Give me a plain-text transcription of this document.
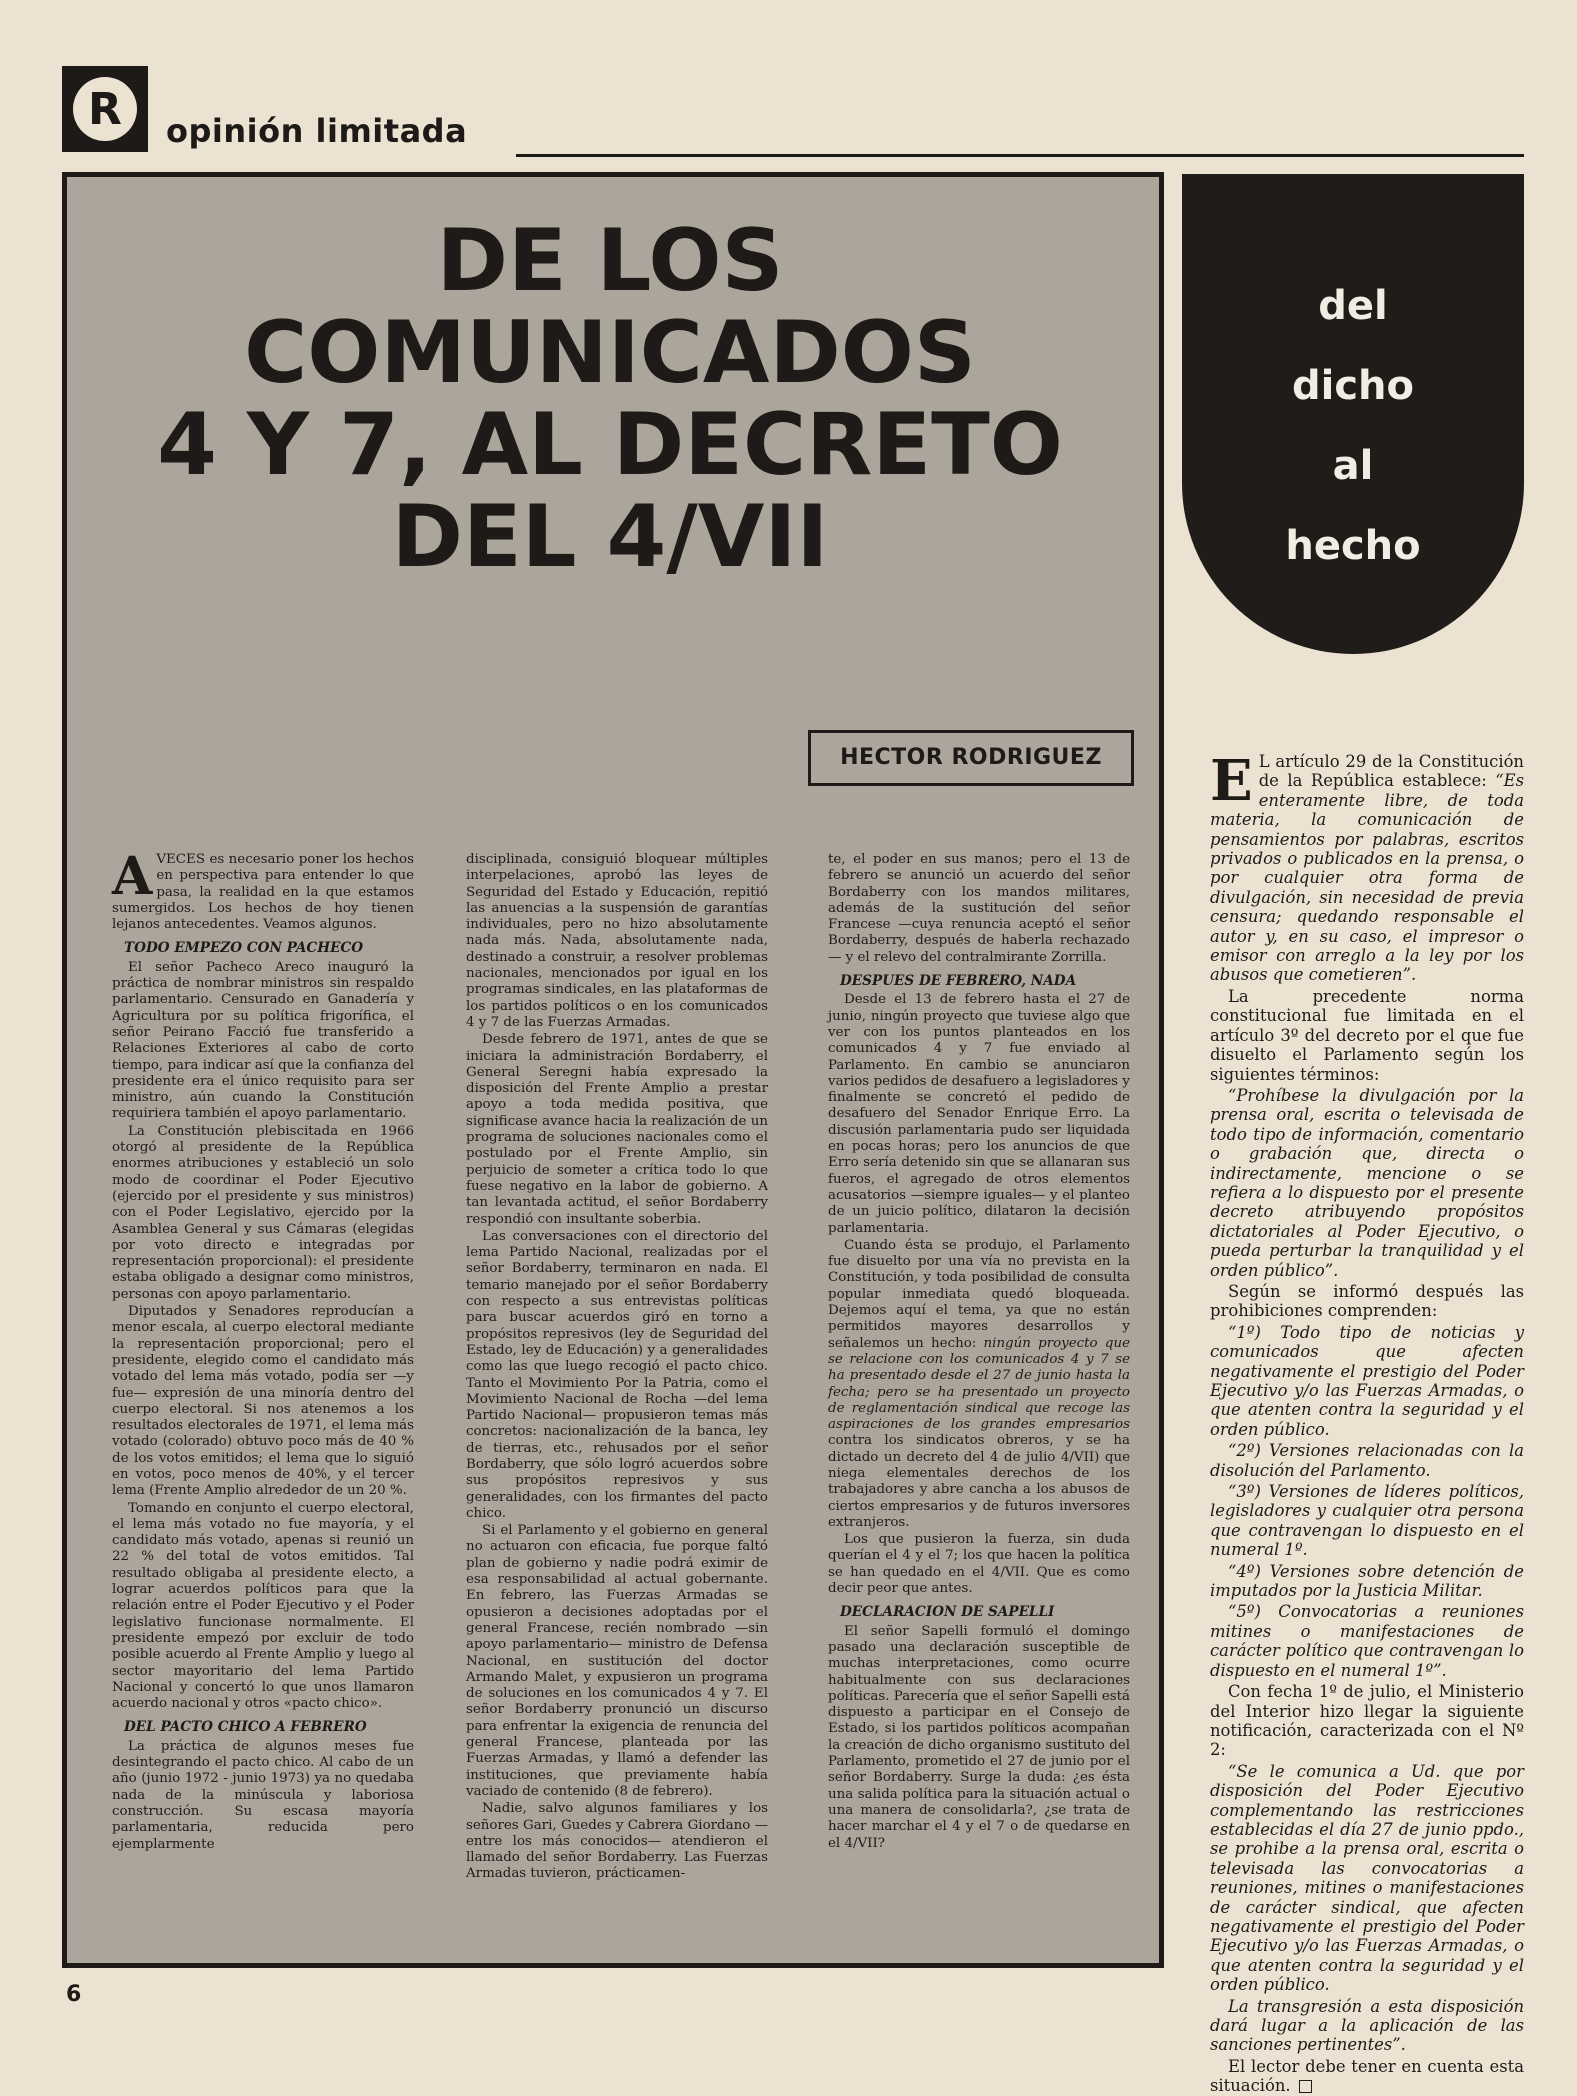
R	opinión limitada
DE LOS
COMUNICADOS
4 Y 7, AL DECRETO
DEL 4/VII
HECTOR RODRIGUEZ

AVECES es necesario poner los hechos en perspectiva para entender lo que pasa, la realidad en la que estamos sumergidos. Los hechos de hoy tienen lejanos antecedentes. Veamos algunos.

TODO EMPEZO CON PACHECO

El señor Pacheco Areco inauguró la práctica de nombrar ministros sin respaldo parlamentario. Censurado en Ganadería y Agricultura por su política frigorífica, el señor Peirano Facció fue transferido a Relaciones Exteriores al cabo de corto tiempo, para indicar así que la confianza del presidente era el único requisito para ser ministro, aún cuando la Constitución requiriera también el apoyo parlamentario.

La Constitución plebiscitada en 1966 otorgó al presidente de la República enormes atribuciones y estableció un solo modo de coordinar el Poder Ejecutivo (ejercido por el presidente y sus ministros) con el Poder Legislativo, ejercido por la Asamblea General y sus Cámaras (elegidas por voto directo e integradas por representación proporcional): el presidente estaba obligado a designar como ministros, personas con apoyo parlamentario.

Diputados y Senadores reproducían a menor escala, al cuerpo electoral mediante la representación proporcional; pero el presidente, elegido como el candidato más votado del lema más votado, podía ser —y fue— expresión de una minoría dentro del cuerpo electoral. Si nos atenemos a los resultados electorales de 1971, el lema más votado (colorado) obtuvo poco más de 40 % de los votos emitidos; el lema que lo siguió en votos, poco menos de 40%, y el tercer lema (Frente Amplio alrededor de un 20 %.

Tomando en conjunto el cuerpo electoral, el lema más votado no fue mayoría, y el candidato más votado, apenas si reunió un 22 % del total de votos emitidos. Tal resultado obligaba al presidente electo, a lograr acuerdos políticos para que la relación entre el Poder Ejecutivo y el Poder legislativo funcionase normalmente. El presidente empezó por excluir de todo posible acuerdo al Frente Amplio y luego al sector mayoritario del lema Partido Nacional y concertó lo que unos llamaron acuerdo nacional y otros «pacto chico».

DEL PACTO CHICO A FEBRERO

La práctica de algunos meses fue desintegrando el pacto chico. Al cabo de un año (junio 1972 - junio 1973) ya no quedaba nada de la minúscula y laboriosa construcción. Su escasa mayoría parlamentaria, reducida pero ejemplarmente

disciplinada, consiguió bloquear múltiples interpelaciones, aprobó las leyes de Seguridad del Estado y Educación, repitió las anuencias a la suspensión de garantías individuales, pero no hizo absolutamente nada más. Nada, absolutamente nada, destinado a construir, a resolver problemas nacionales, mencionados por igual en los programas sindicales, en las plataformas de los partidos políticos o en los comunicados 4 y 7 de las Fuerzas Armadas.

Desde febrero de 1971, antes de que se iniciara la administración Bordaberry, el General Seregni había expresado la disposición del Frente Amplio a prestar apoyo a toda medida positiva, que significase avance hacia la realización de un programa de soluciones nacionales como el postulado por el Frente Amplio, sin perjuicio de someter a crítica todo lo que fuese negativo en la labor de gobierno. A tan levantada actitud, el señor Bordaberry respondió con insultante soberbia.

Las conversaciones con el directorio del lema Partido Nacional, realizadas por el señor Bordaberry, terminaron en nada. El temario manejado por el señor Bordaberry con respecto a sus entrevistas políticas para buscar acuerdos giró en torno a propósitos represivos (ley de Seguridad del Estado, ley de Educación) y a generalidades como las que luego recogió el pacto chico. Tanto el Movimiento Por la Patria, como el Movimiento Nacional de Rocha —del lema Partido Nacional— propusieron temas más concretos: nacionalización de la banca, ley de tierras, etc., rehusados por el señor Bordaberry, que sólo logró acuerdos sobre sus propósitos represivos y sus generalidades, con los firmantes del pacto chico.

Si el Parlamento y el gobierno en general no actuaron con eficacia, fue porque faltó plan de gobierno y nadie podrá eximir de esa responsabilidad al actual gobernante. En febrero, las Fuerzas Armadas se opusieron a decisiones adoptadas por el general Francese, recién nombrado —sin apoyo parlamentario— ministro de Defensa Nacional, en sustitución del doctor Armando Malet, y expusieron un programa de soluciones en los comunicados 4 y 7. El señor Bordaberry pronunció un discurso para enfrentar la exigencia de renuncia del general Francese, planteada por las Fuerzas Armadas, y llamó a defender las instituciones, que previamente había vaciado de contenido (8 de febrero).

Nadie, salvo algunos familiares y los señores Gari, Guedes y Cabrera Giordano —entre los más conocidos— atendieron el llamado del señor Bordaberry. Las Fuerzas Armadas tuvieron, prácticamen-

te, el poder en sus manos; pero el 13 de febrero se anunció un acuerdo del señor Bordaberry con los mandos militares, además de la sustitución del señor Francese —cuya renuncia aceptó el señor Bordaberry, después de haberla rechazado— y el relevo del contralmirante Zorrilla.

DESPUES DE FEBRERO, NADA

Desde el 13 de febrero hasta el 27 de junio, ningún proyecto que tuviese algo que ver con los puntos planteados en los comunicados 4 y 7 fue enviado al Parlamento. En cambio se anunciaron varios pedidos de desafuero a legisladores y finalmente se concretó el pedido de desafuero del Senador Enrique Erro. La discusión parlamentaria pudo ser liquidada en pocas horas; pero los anuncios de que Erro sería detenido sin que se allanaran sus fueros, el agregado de otros elementos acusatorios —siempre iguales— y el planteo de un juicio político, dilataron la decisión parlamentaria.

Cuando ésta se produjo, el Parlamento fue disuelto por una vía no prevista en la Constitución, y toda posibilidad de consulta popular inmediata quedó bloqueada. Dejemos aquí el tema, ya que no están permitidos mayores desarrollos y señalemos un hecho: ningún proyecto que se relacione con los comunicados 4 y 7 se ha presentado desde el 27 de junio hasta la fecha; pero se ha presentado un proyecto de reglamentación sindical que recoge las aspiraciones de los grandes empresarios contra los sindicatos obreros, y se ha dictado un decreto del 4 de julio 4/VII) que niega elementales derechos de los trabajadores y abre cancha a los abusos de ciertos empresarios y de futuros inversores extranjeros.

Los que pusieron la fuerza, sin duda querían el 4 y el 7; los que hacen la política se han quedado en el 4/VII. Que es como decir peor que antes.

DECLARACION DE SAPELLI

El señor Sapelli formuló el domingo pasado una declaración susceptible de muchas interpretaciones, como ocurre habitualmente con sus declaraciones políticas. Parecería que el señor Sapelli está dispuesto a participar en el Consejo de Estado, si los partidos políticos acompañan la creación de dicho organismo sustituto del Parlamento, prometido el 27 de junio por el señor Bordaberry. Surge la duda: ¿es ésta una salida política para la situación actual o una manera de consolidarla?, ¿se trata de hacer marchar el 4 y el 7 o de quedarse en el 4/VII?

del
dicho
al
hecho

E L artículo 29 de la Constitución de la República establece: “Es enteramente libre, de toda materia, la comunicación de pensamientos por palabras, escritos privados o publicados en la prensa, o por cualquier otra forma de divulgación, sin necesidad de previa censura; quedando responsable el autor y, en su caso, el impresor o emisor con arreglo a la ley por los abusos que cometieren”.

La precedente norma constitucional fue limitada en el artículo 3º del decreto por el que fue disuelto el Parlamento según los siguientes términos:

“Prohíbese la divulgación por la prensa oral, escrita o televisada de todo tipo de información, comentario o grabación que, directa o indirectamente, mencione o se refiera a lo dispuesto por el presente decreto atribuyendo propósitos dictatoriales al Poder Ejecutivo, o pueda perturbar la tranquilidad y el orden público”.

Según se informó después las prohibiciones comprenden:

“1º) Todo tipo de noticias y comunicados que afecten negativamente el prestigio del Poder Ejecutivo y/o las Fuerzas Armadas, o que atenten contra la seguridad y el orden público.

“2º) Versiones relacionadas con la disolución del Parlamento.

“3º) Versiones de líderes políticos, legisladores y cualquier otra persona que contravengan lo dispuesto en el numeral 1º.

“4º) Versiones sobre detención de imputados por la Justicia Militar.

“5º) Convocatorias a reuniones mitines o manifestaciones de carácter político que contravengan lo dispuesto en el numeral 1º”.

Con fecha 1º de julio, el Ministerio del Interior hizo llegar la siguiente notificación, caracterizada con el Nº 2:

“Se le comunica a Ud. que por disposición del Poder Ejecutivo complementando las restricciones establecidas el día 27 de junio ppdo., se prohibe a la prensa oral, escrita o televisada las convocatorias a reuniones, mitines o manifestaciones de carácter sindical, que afecten negativamente el prestigio del Poder Ejecutivo y/o las Fuerzas Armadas, o que atenten contra la seguridad y el orden público.

La transgresión a esta disposición dará lugar a la aplicación de las sanciones pertinentes”.

El lector debe tener en cuenta esta situación.

6
